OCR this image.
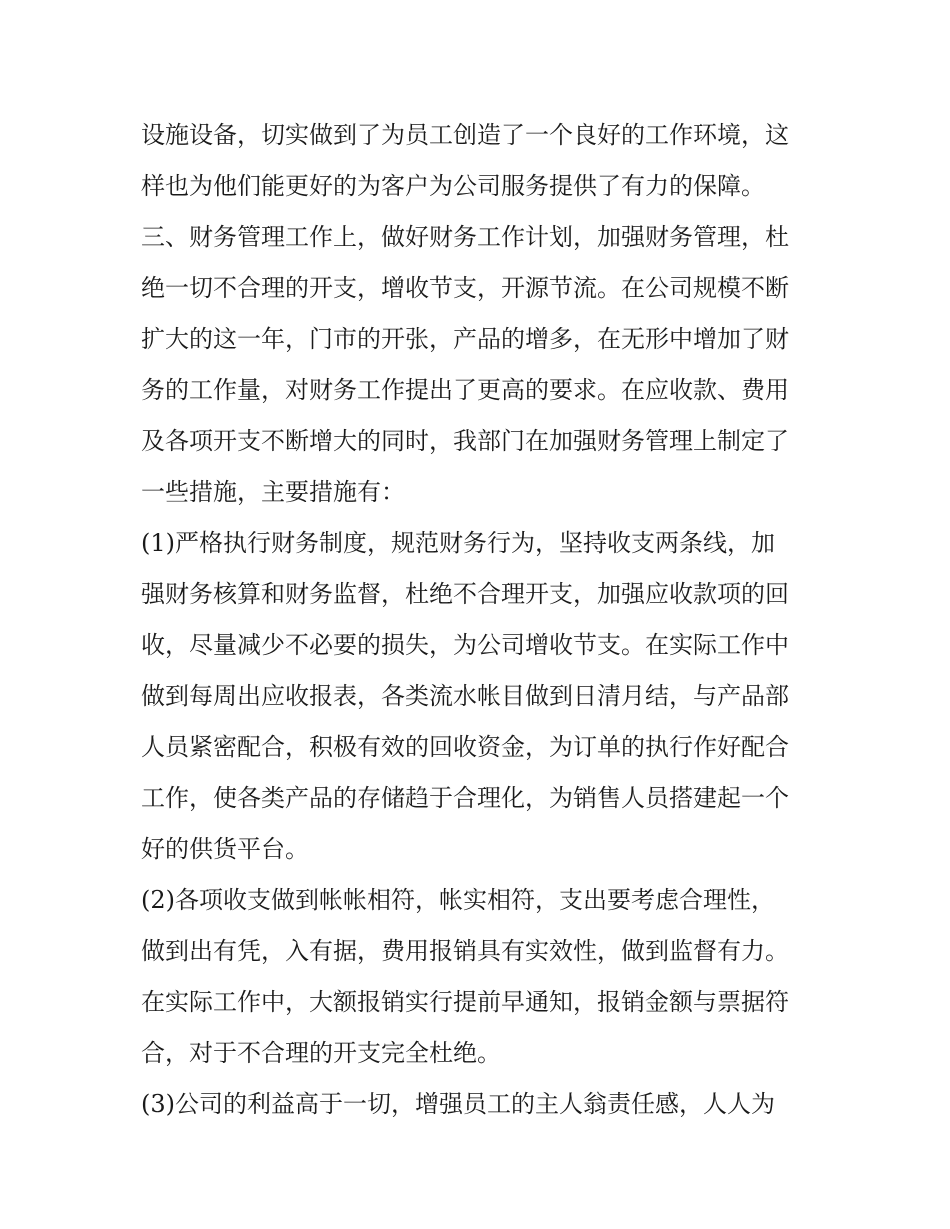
设施设备，切实做到了为员工创造了一个良好的工作环境，这
样也为他们能更好的为客户为公司服务提供了有力的保障。
三、财务管理工作上，做好财务工作计划，加强财务管理，杜
绝一切不合理的开支，增收节支，开源节流。在公司规模不断
扩大的这一年，门市的开张，产品的增多，在无形中增加了财
务的工作量，对财务工作提出了更高的要求。在应收款、费用
及各项开支不断增大的同时，我部门在加强财务管理上制定了
一些措施，主要措施有：
(1)严格执行财务制度，规范财务行为，坚持收支两条线，加
强财务核算和财务监督，杜绝不合理开支，加强应收款项的回
收，尽量减少不必要的损失，为公司增收节支。在实际工作中
做到每周出应收报表，各类流水帐目做到日清月结，与产品部
人员紧密配合，积极有效的回收资金，为订单的执行作好配合
工作，使各类产品的存储趋于合理化，为销售人员搭建起一个
好的供货平台。
(2)各项收支做到帐帐相符，帐实相符，支出要考虑合理性，
做到出有凭，入有据，费用报销具有实效性，做到监督有力。
在实际工作中，大额报销实行提前早通知，报销金额与票据符
合，对于不合理的开支完全杜绝。
(3)公司的利益高于一切，增强员工的主人翁责任感，人人为
